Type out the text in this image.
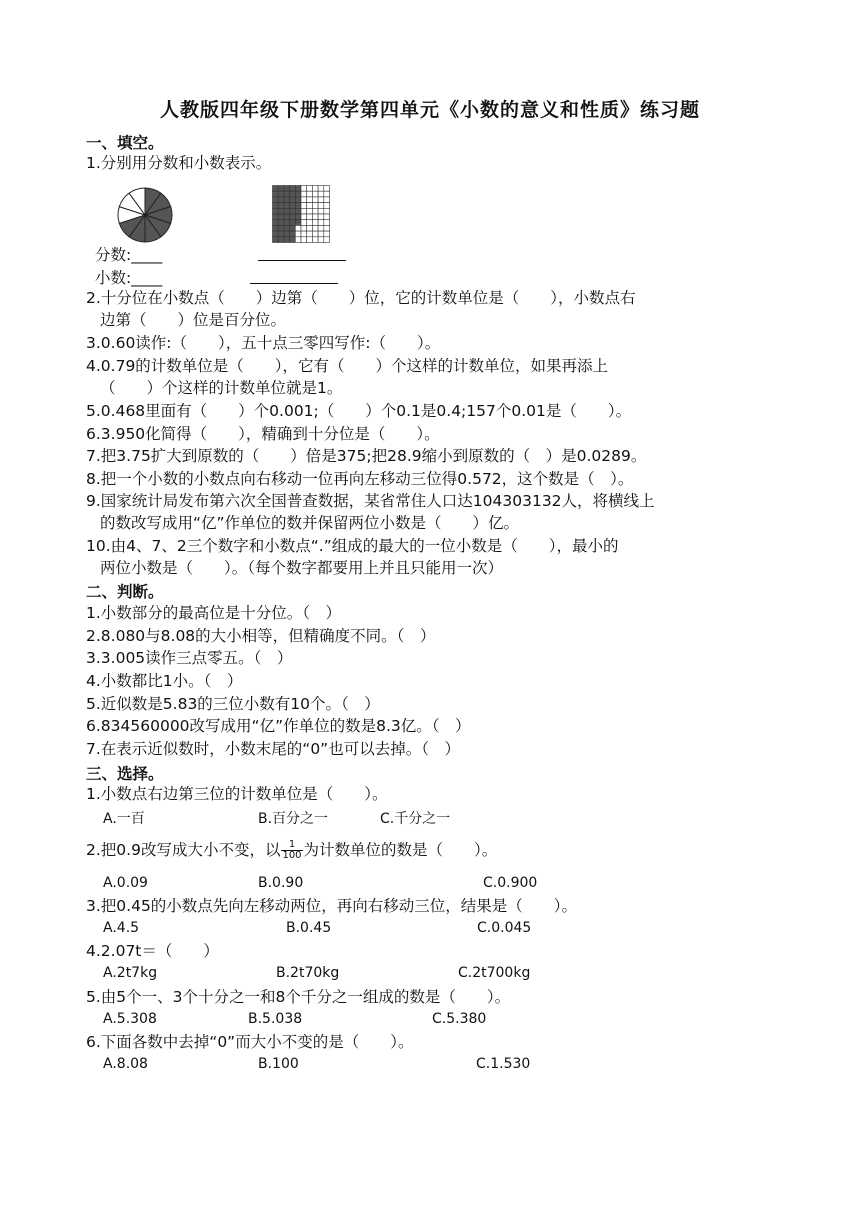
人教版四年级下册数学第四单元《小数的意义和性质》练习题
一、填空。
1.分别用分数和小数表示。
分数:____
小数:____
2.十分位在小数点（　　）边第（　　）位，它的计数单位是（　　），小数点右
边第（　　）位是百分位。
3.0.60读作:（　　），五十点三零四写作:（　　）。
4.0.79的计数单位是（　　），它有（　　）个这样的计数单位，如果再添上
（　　）个这样的计数单位就是1。
5.0.468里面有（　　）个0.001;（　　）个0.1是0.4;157个0.01是（　　）。
6.3.950化简得（　　），精确到十分位是（　　）。
7.把3.75扩大到原数的（　　）倍是375;把28.9缩小到原数的（　）是0.0289。
8.把一个小数的小数点向右移动一位再向左移动三位得0.572，这个数是（　）。
9.国家统计局发布第六次全国普查数据，某省常住人口达104303132人，将横线上
的数改写成用“亿”作单位的数并保留两位小数是（　　）亿。
10.由4、7、2三个数字和小数点“.”组成的最大的一位小数是（　　），最小的
两位小数是（　　）。（每个数字都要用上并且只能用一次）
二、判断。
1.小数部分的最高位是十分位。（　）
2.8.080与8.08的大小相等，但精确度不同。（　）
3.3.005读作三点零五。（　）
4.小数都比1小。（　）
5.近似数是5.83的三位小数有10个。（　）
6.834560000改写成用“亿”作单位的数是8.3亿。（　）
7.在表示近似数时，小数末尾的“0”也可以去掉。（　）
三、选择。
1.小数点右边第三位的计数单位是（　　）。
A.一百	B.百分之一	C.千分之一
2.把0.9改写成大小不变，以 $\frac{1}{100}$ 为计数单位的数是（　　）。
A.0.09	B.0.90	C.0.900
3.把0.45的小数点先向左移动两位，再向右移动三位，结果是（　　）。
A.4.5	B.0.45	C.0.045
4.2.07t＝（　　）
A.2t7kg	B.2t70kg	C.2t700kg
5.由5个一、3个十分之一和8个千分之一组成的数是（　　）。
A.5.308	B.5.038	C.5.380
6.下面各数中去掉“0”而大小不变的是（　　）。
A.8.08	B.100	C.1.530
